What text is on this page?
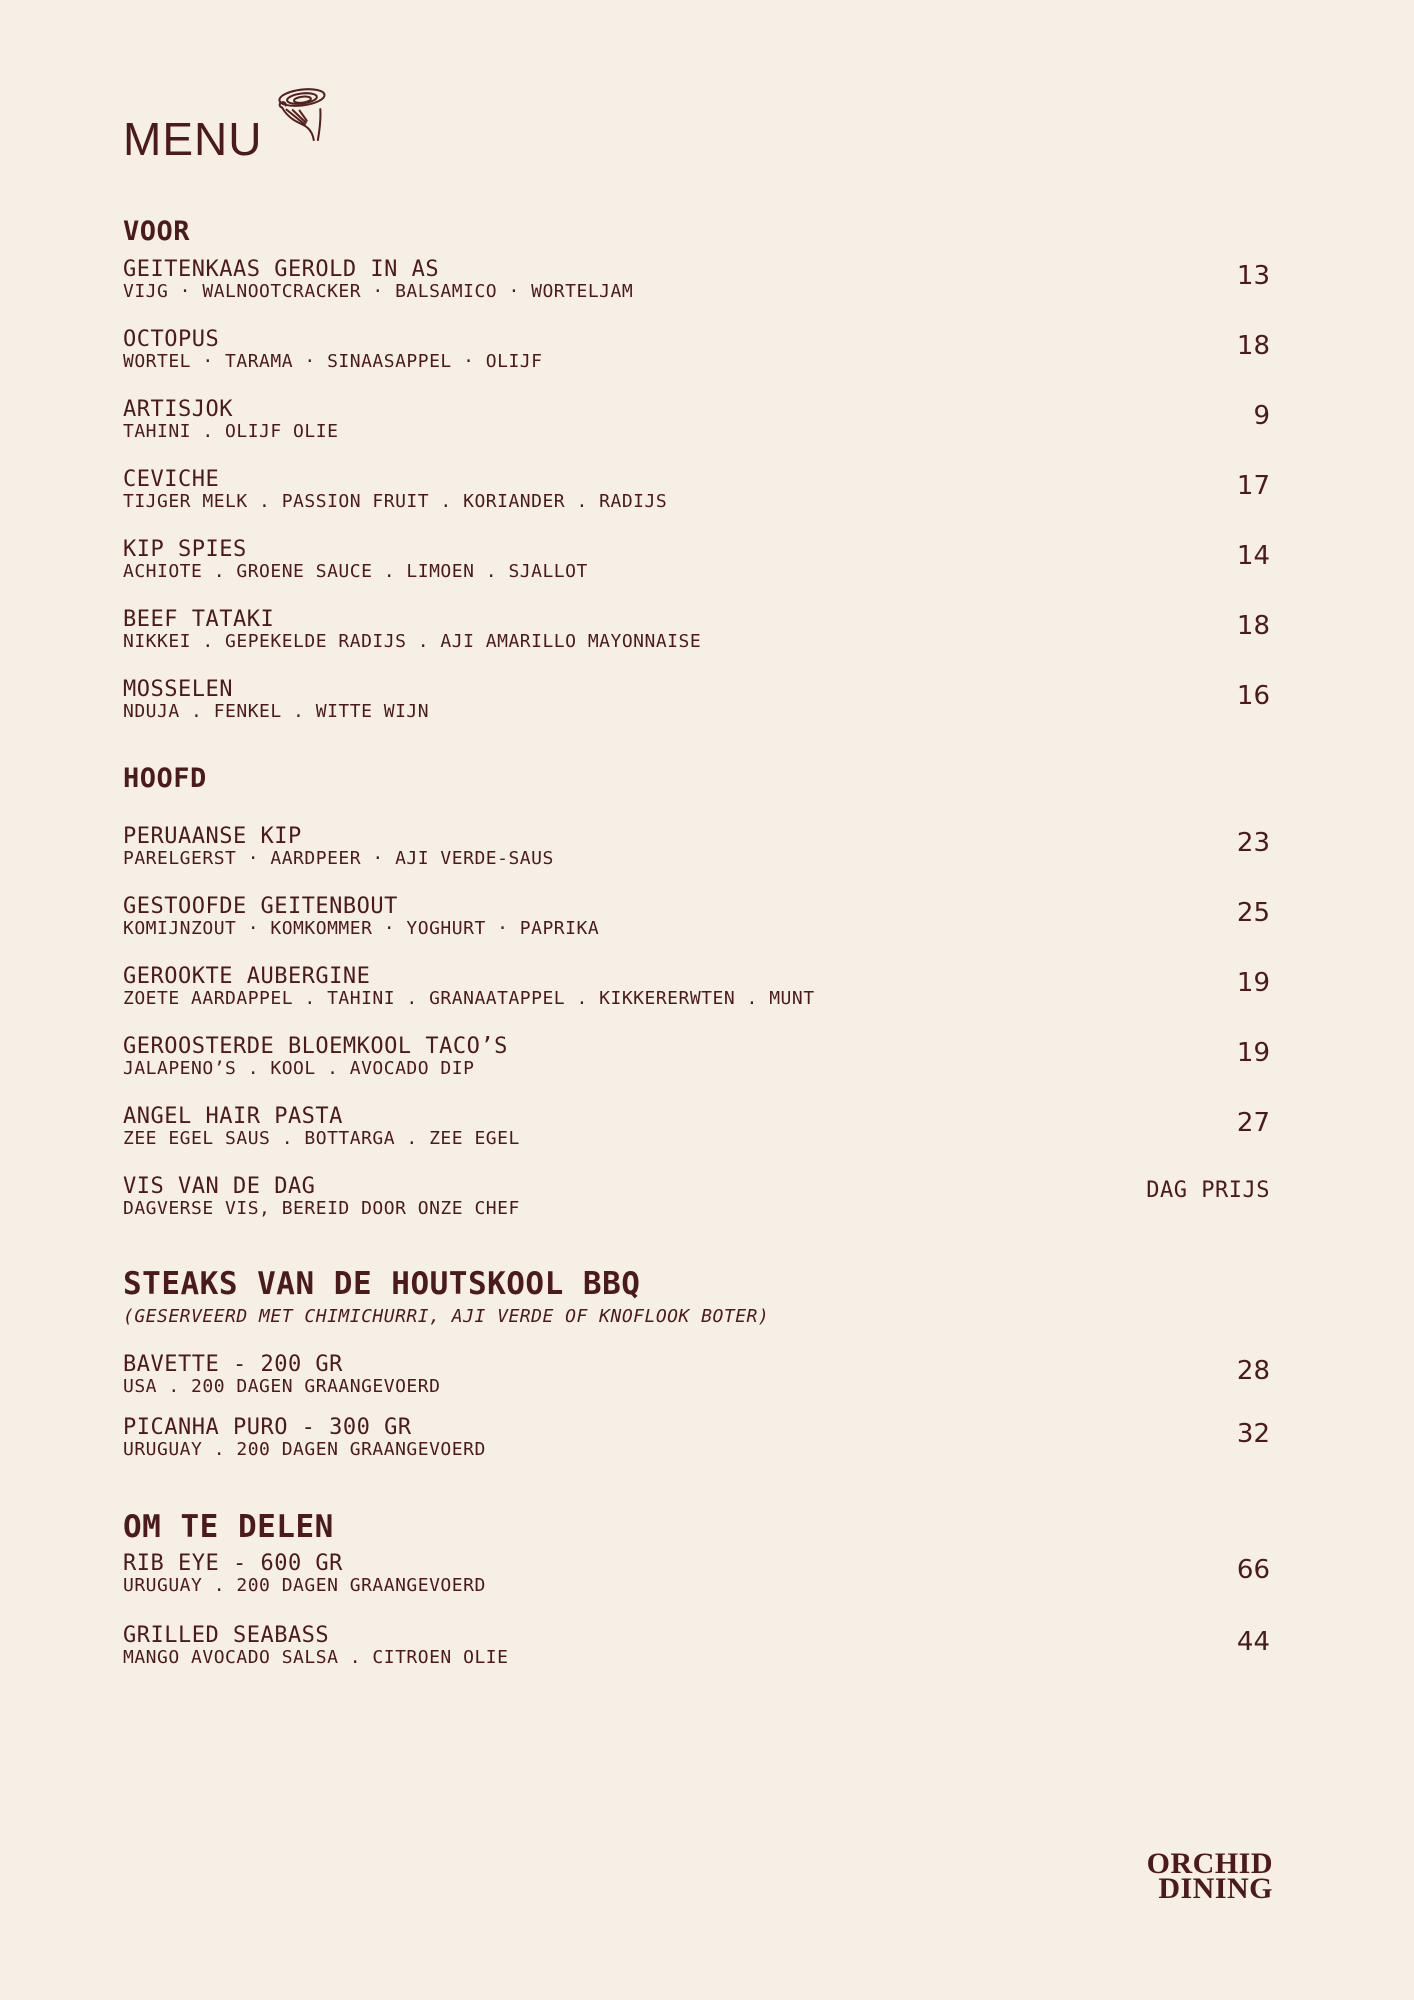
MENU
VOOR
GEITENKAAS GEROLD IN AS
VIJG · WALNOOTCRACKER · BALSAMICO · WORTELJAM
13
OCTOPUS
WORTEL · TARAMA · SINAASAPPEL · OLIJF
18
ARTISJOK
TAHINI . OLIJF OLIE
9
CEVICHE
TIJGER MELK . PASSION FRUIT . KORIANDER . RADIJS
17
KIP SPIES
ACHIOTE . GROENE SAUCE . LIMOEN . SJALLOT
14
BEEF TATAKI
NIKKEI . GEPEKELDE RADIJS . AJI AMARILLO MAYONNAISE
18
MOSSELEN
NDUJA . FENKEL . WITTE WIJN
16
HOOFD
PERUAANSE KIP
PARELGERST · AARDPEER · AJI VERDE-SAUS
23
GESTOOFDE GEITENBOUT
KOMIJNZOUT · KOMKOMMER · YOGHURT · PAPRIKA
25
GEROOKTE AUBERGINE
ZOETE AARDAPPEL . TAHINI . GRANAATAPPEL . KIKKERERWTEN . MUNT
19
GEROOSTERDE BLOEMKOOL TACO’S
JALAPENO’S . KOOL . AVOCADO DIP
19
ANGEL HAIR PASTA
ZEE EGEL SAUS . BOTTARGA . ZEE EGEL
27
VIS VAN DE DAG
DAGVERSE VIS, BEREID DOOR ONZE CHEF
DAG PRIJS
STEAKS VAN DE HOUTSKOOL BBQ

(GESERVEERD MET CHIMICHURRI, AJI VERDE OF KNOFLOOK BOTER)

BAVETTE - 200 GR
USA . 200 DAGEN GRAANGEVOERD
28
PICANHA PURO - 300 GR
URUGUAY . 200 DAGEN GRAANGEVOERD
32
OM TE DELEN
RIB EYE - 600 GR
URUGUAY . 200 DAGEN GRAANGEVOERD
66
GRILLED SEABASS
MANGO AVOCADO SALSA . CITROEN OLIE
44
ORCHID
DINING
